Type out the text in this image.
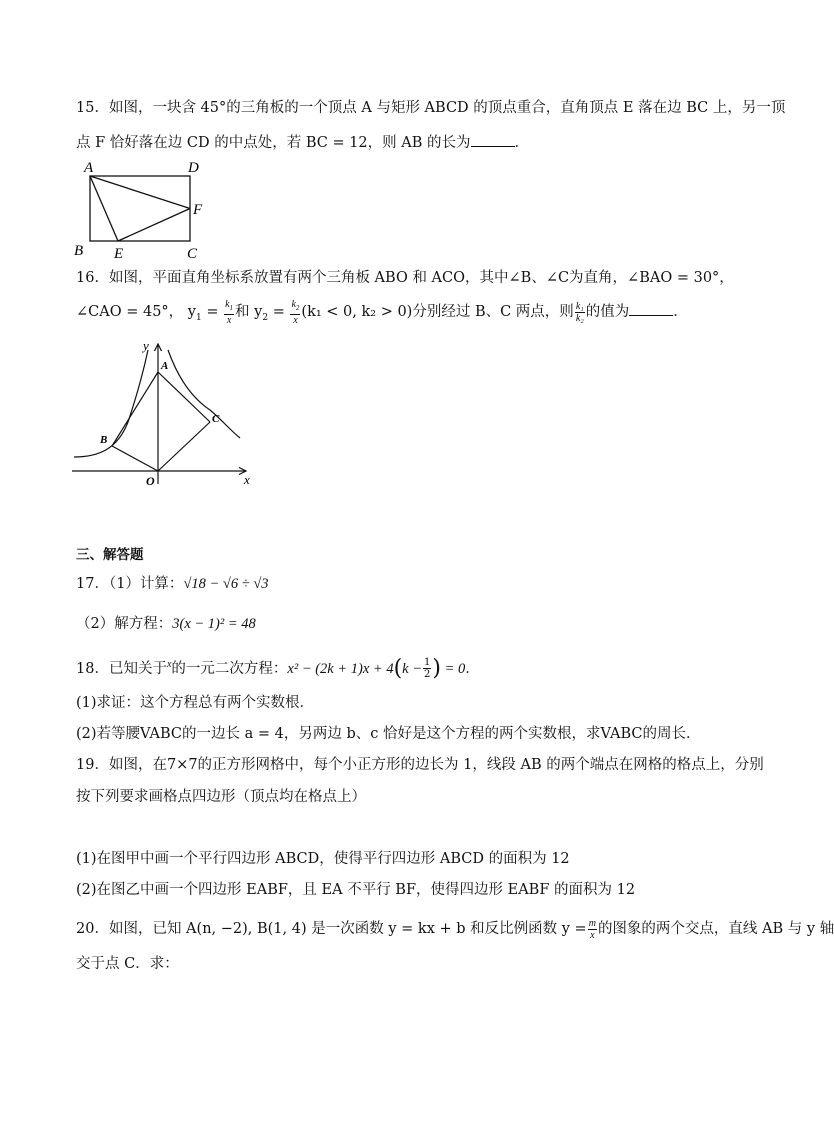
15．如图，一块含 45°的三角板的一个顶点 A 与矩形 ABCD 的顶点重合，直角顶点 E 落在边 BC 上，另一顶
点 F 恰好落在边 CD 的中点处，若 BC = 12，则 AB 的长为	．
A	D
F
B E	C
16．如图，平面直角坐标系放置有两个三角板 ABO 和 ACO，其中∠B、∠C为直角，∠BAO = 30°，
∠CAO = 45°， $y_1 = \frac{k_1}{x}$ 和 $y_2 = \frac{k_2}{x} (k_1 < 0$, k₂ > 0)分别经过 B、C 两点，则 $\frac{\text{k₁}}{\text{k₂}}$ 的值为	．
y
A
C
B
O	x
三、解答题
17．（1）计算：√18 − √6 ÷ √3
（2）解方程：3(x − 1)² = 48
18．已知关于$^x$的一元二次方程：$x^2 - (2k + 1)x + 4(k - \frac{1}{2}$ ) = 0．
(1)求证：这个方程总有两个实数根．
(2)若等腰VABC的一边长 a = 4，另两边 b、c 恰好是这个方程的两个实数根，求VABC的周长．
19．如图，在7×7的正方形网格中，每个小正方形的边长为 1，线段 AB 的两个端点在网格的格点上，分别
按下列要求画格点四边形（顶点均在格点上）
(1)在图甲中画一个平行四边形 ABCD，使得平行四边形 ABCD 的面积为 12
(2)在图乙中画一个四边形 EABF，且 EA 不平行 BF，使得四边形 EABF 的面积为 12
20．如图，已知 A(n, −2), B(1, 4) 是一次函数 y = kx + b 和反比例函数 $y = \frac{m}{x}$ 的图象的两个交点，直线 AB 与 y 轴
交于点 C．求：
